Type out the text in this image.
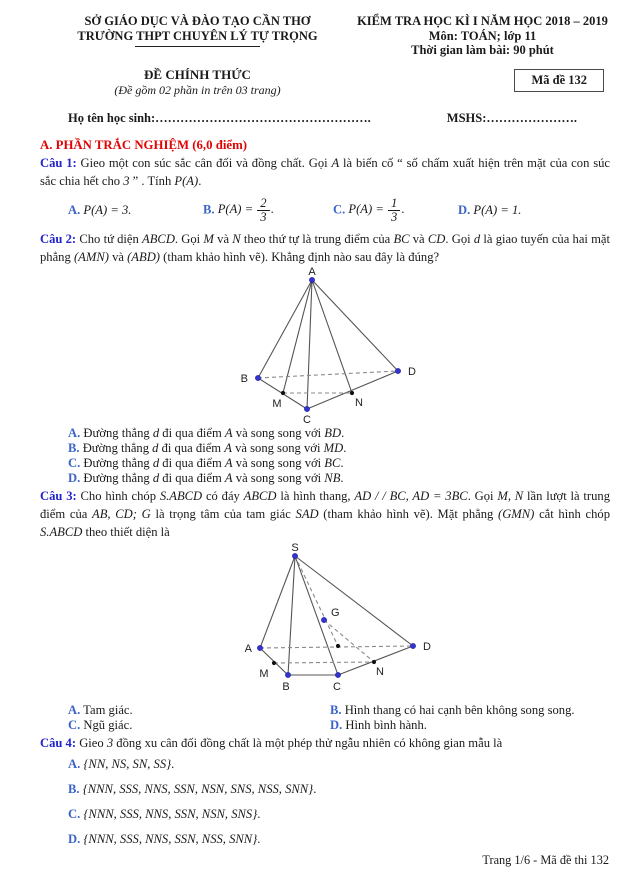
SỞ GIÁO DỤC VÀ ĐÀO TẠO CẦN THƠ
TRƯỜNG THPT CHUYÊN LÝ TỰ TRỌNG
KIỂM TRA HỌC KÌ I NĂM HỌC 2018 – 2019
Môn: TOÁN; lớp 11
Thời gian làm bài: 90 phút
ĐỀ CHÍNH THỨC
(Đề gồm 02 phần in trên 03 trang)
Mã đề 132
Họ tên học sinh:…………………………………………….	MSHS:………………….
A. PHẦN TRẮC NGHIỆM (6,0 điểm)
Câu 1: Gieo một con súc sắc cân đối và đồng chất. Gọi A là biến cố “ số chấm xuất hiện trên mặt của con súc sắc chia hết cho 3 ” . Tính P(A).
A. P(A) = 3.	B. $P(A) = \frac{2}{3}$ .	C. $P(A) = \frac{1}{3}$ .	D. P(A) = 1.
Câu 2: Cho tứ diện ABCD. Gọi M và N theo thứ tự là trung điểm của BC và CD. Gọi d là giao tuyến của hai mặt phẳng (AMN) và (ABD) (tham khảo hình vẽ). Khẳng định nào sau đây là đúng?
A
B
D
M	N
C
A. Đường thẳng d đi qua điểm A và song song với BD.
B. Đường thẳng d đi qua điểm A và song song với MD.
C. Đường thẳng d đi qua điểm A và song song với BC.
D. Đường thẳng d đi qua điểm A và song song với NB.
Câu 3: Cho hình chóp S.ABCD có đáy ABCD là hình thang, AD / / BC, AD = 3BC. Gọi M, N lần lượt là trung điểm của AB, CD; G là trọng tâm của tam giác SAD (tham khảo hình vẽ). Mặt phẳng (GMN) cắt hình chóp S.ABCD theo thiết diện là
S
A
M
B	C
N
D
G
A. Tam giác.	B. Hình thang có hai cạnh bên không song song.
C. Ngũ giác.	D. Hình bình hành.
Câu 4: Gieo 3 đồng xu cân đối đồng chất là một phép thử ngẫu nhiên có không gian mẫu là
A. {NN, NS, SN, SS}.
B. {NNN, SSS, NNS, SSN, NSN, SNS, NSS, SNN}.
C. {NNN, SSS, NNS, SSN, NSN, SNS}.
D. {NNN, SSS, NNS, SSN, NSS, SNN}.
Trang 1/6 - Mã đề thi 132
